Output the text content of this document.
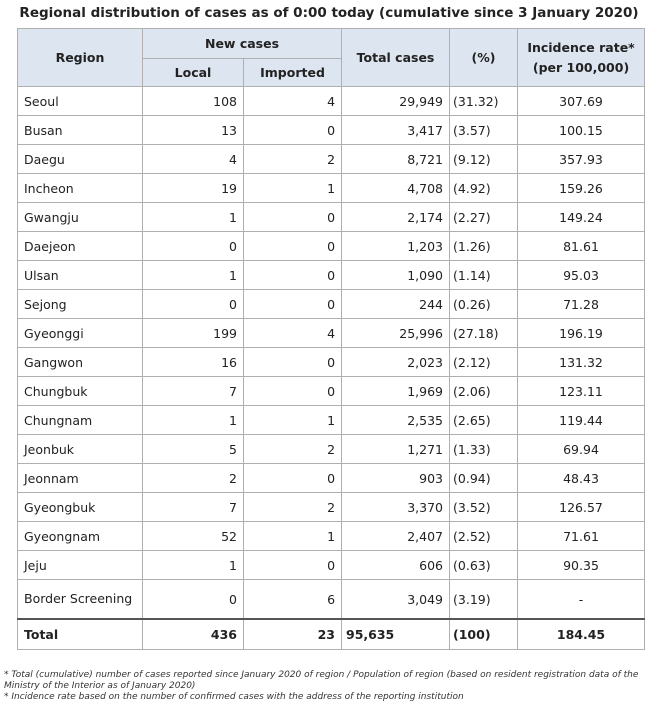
Regional distribution of cases as of 0:00 today (cumulative since 3 January 2020)
Region	New cases		Total cases	(%)	Incidence rate*
(per 100,000)

	Local	Imported			
Seoul	108	4	29,949	(31.32)	307.69
Busan	13	0	3,417	(3.57)	100.15
Daegu	4	2	8,721	(9.12)	357.93
Incheon	19	1	4,708	(4.92)	159.26
Gwangju	1	0	2,174	(2.27)	149.24
Daejeon	0	0	1,203	(1.26)	81.61
Ulsan	1	0	1,090	(1.14)	95.03
Sejong	0	0	244	(0.26)	71.28
Gyeonggi	199	4	25,996	(27.18)	196.19
Gangwon	16	0	2,023	(2.12)	131.32
Chungbuk	7	0	1,969	(2.06)	123.11
Chungnam	1	1	2,535	(2.65)	119.44
Jeonbuk	5	2	1,271	(1.33)	69.94
Jeonnam	2	0	903	(0.94)	48.43
Gyeongbuk	7	2	3,370	(3.52)	126.57
Gyeongnam	52	1	2,407	(2.52)	71.61
Jeju	1	0	606	(0.63)	90.35
Border Screening	0	6	3,049	(3.19)	-
Total	436	23	95,635	(100)	184.45
* Total (cumulative) number of cases reported since January 2020 of region / Population of region (based on resident registration data of the Ministry of the Interior as of January 2020)
* Incidence rate based on the number of confirmed cases with the address of the reporting institution
